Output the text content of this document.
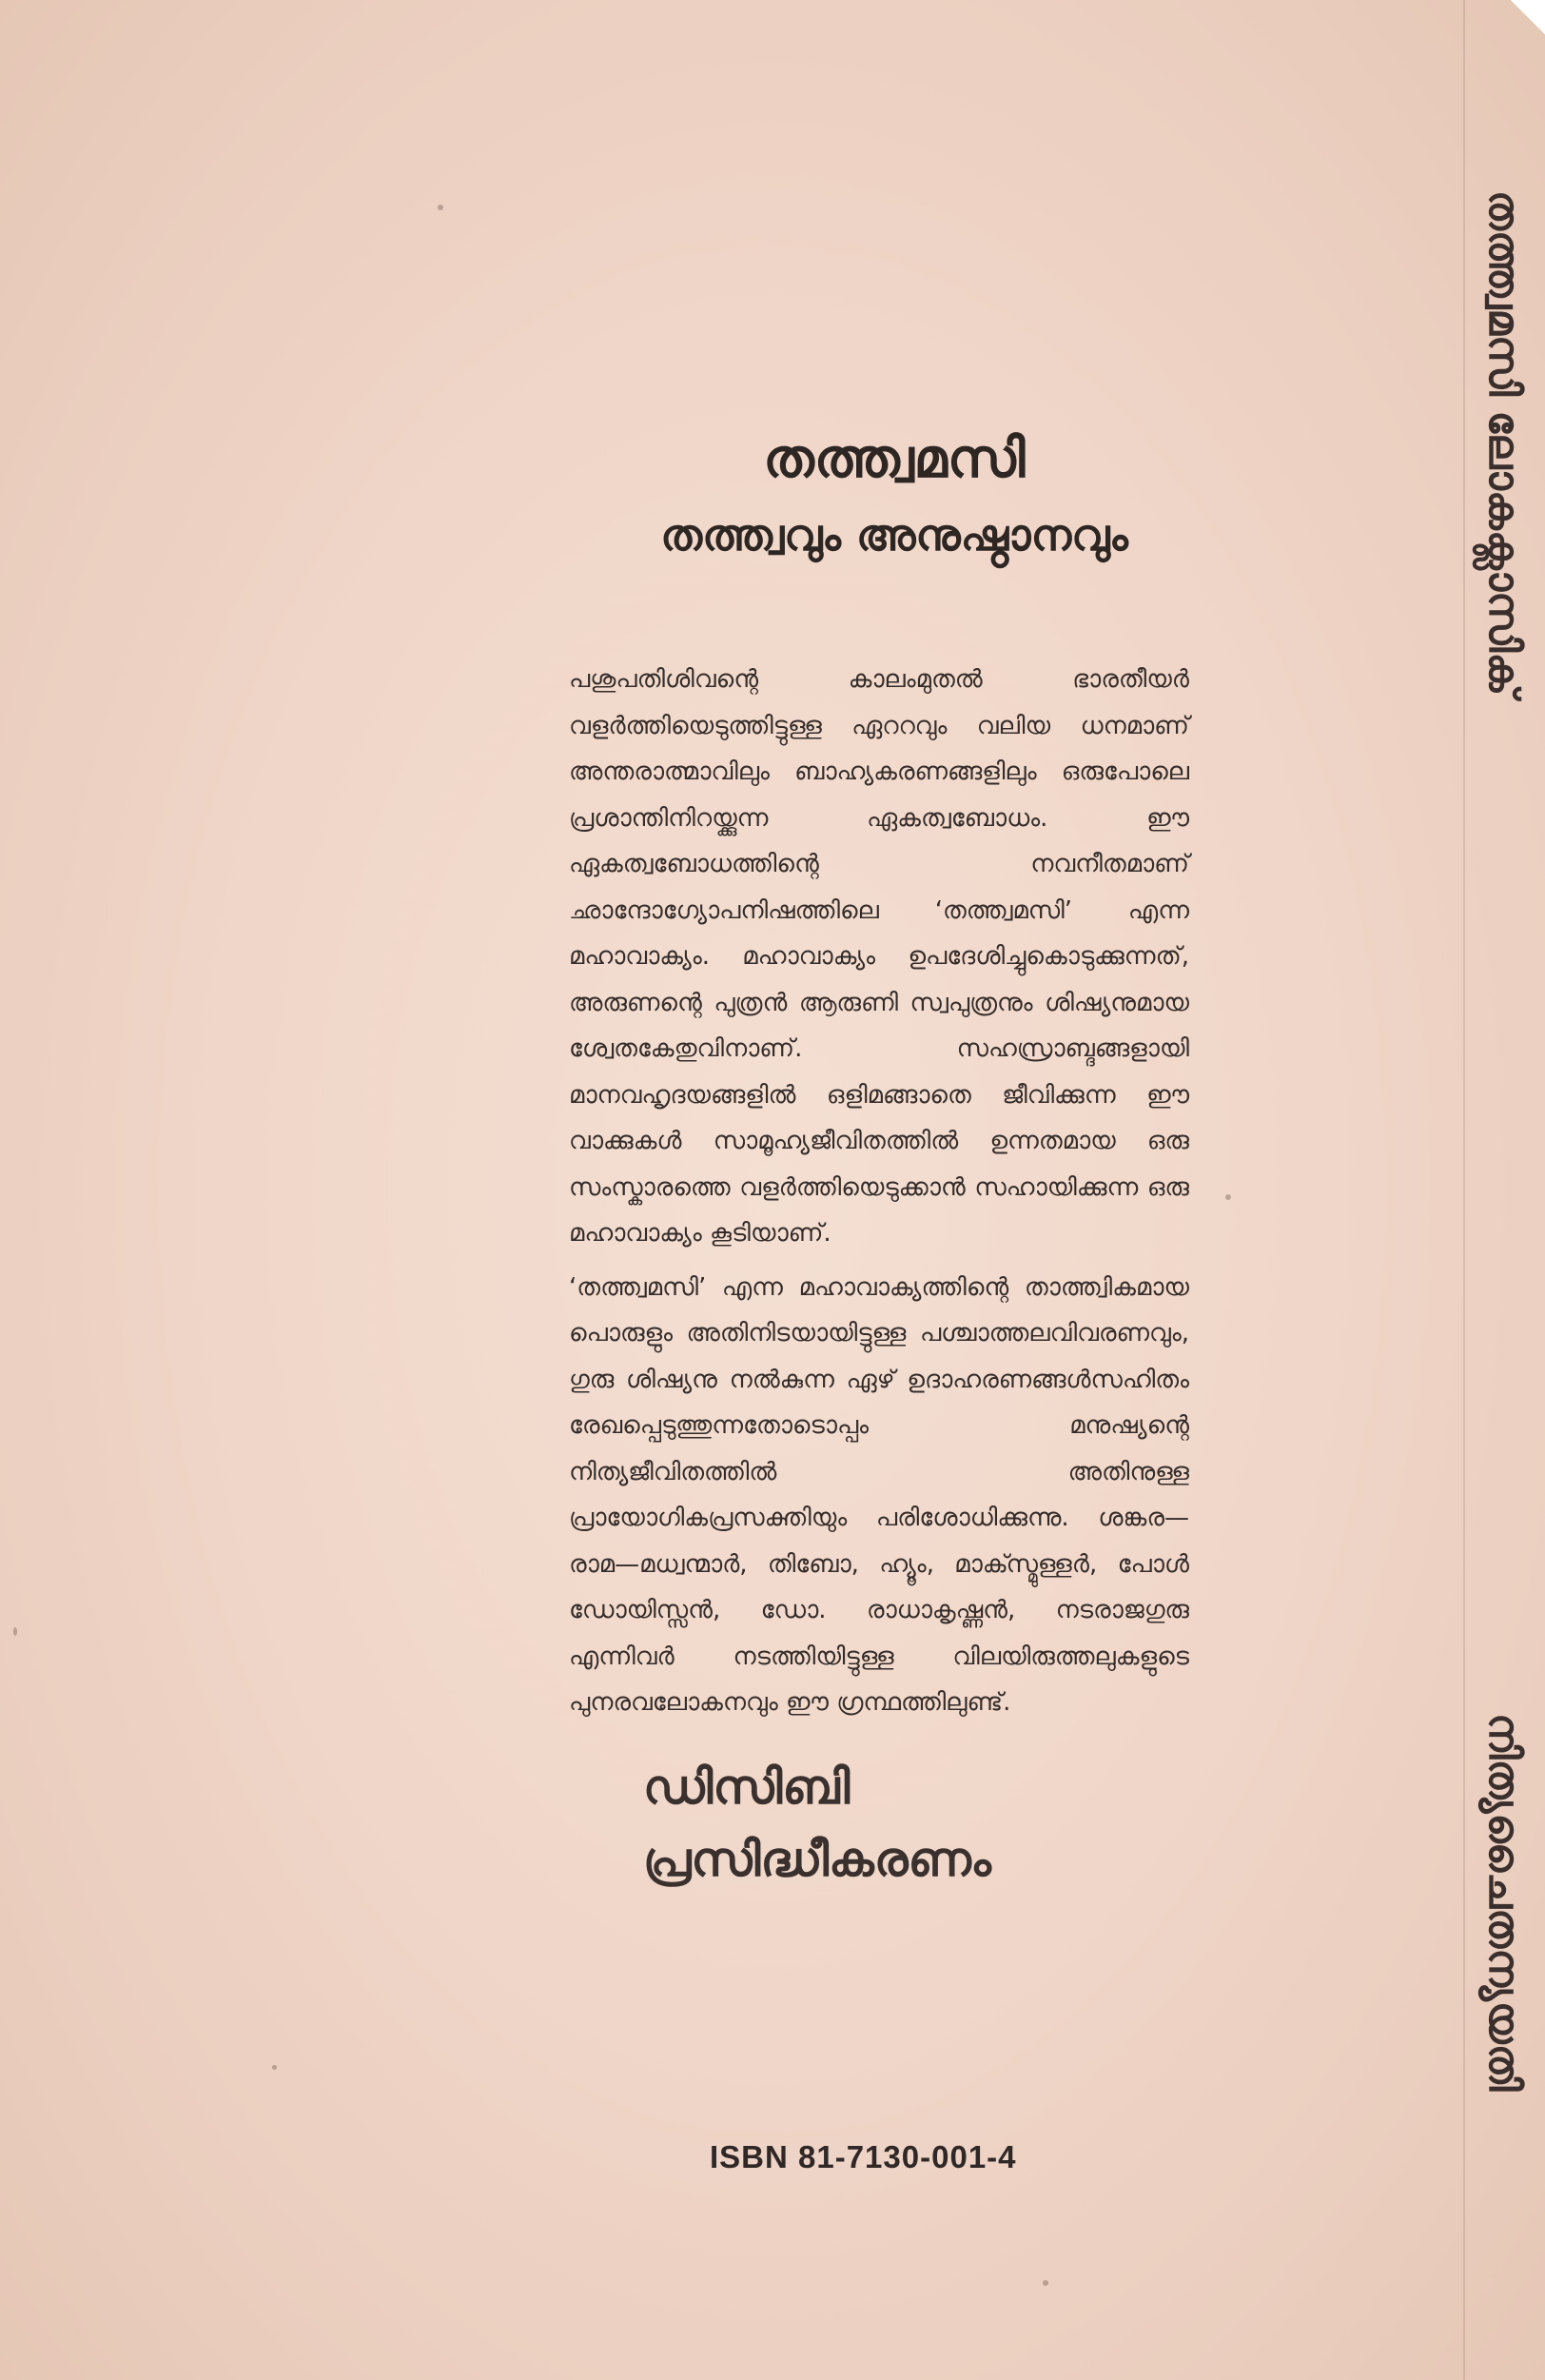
തത്ത്വമസി ലോകക്ലാസിക്

നിത്യചൈതന്യയതി

തത്ത്വമസി
തത്ത്വവും അനുഷ്ഠാനവും

പശുപതിശിവന്റെ കാലംമുതൽ ഭാരതീയർ വളർത്തിയെടുത്തിട്ടുള്ള ഏററവും വലിയ ധനമാണ് അന്തരാത്മാവിലും ബാഹ്യകരണങ്ങളിലും ഒരുപോലെ പ്രശാന്തിനിറയ്ക്കുന്ന ഏകത്വബോധം. ഈ ഏകത്വബോധത്തിന്റെ നവനീതമാണ് ഛാന്ദോഗ്യോപനിഷത്തിലെ ‘തത്ത്വമസി’ എന്ന മഹാവാക്യം. മഹാവാക്യം ഉപദേശിച്ചുകൊടുക്കുന്നത്, അരുണന്റെ പുത്രൻ ആരുണി സ്വപുത്രനും ശിഷ്യനുമായ ശ്വേതകേതുവിനാണ്. സഹസ്രാബ്ദങ്ങളായി മാനവഹൃദയങ്ങളിൽ ഒളിമങ്ങാതെ ജീവിക്കുന്ന ഈ വാക്കുകൾ സാമൂഹ്യജീവിതത്തിൽ ഉന്നതമായ ഒരു സംസ്കാരത്തെ വളർത്തിയെടുക്കാൻ സഹായിക്കുന്ന ഒരു മഹാവാക്യം കൂടിയാണ്.

‘തത്ത്വമസി’ എന്ന മഹാവാക്യത്തിന്റെ താത്ത്വികമായ പൊരുളും അതിനിടയായിട്ടുള്ള പശ്ചാത്തലവിവരണവും, ഗുരു ശിഷ്യനു നൽകുന്ന ഏഴ് ഉദാഹരണങ്ങൾസഹിതം രേഖപ്പെടുത്തുന്നതോടൊപ്പം മനുഷ്യന്റെ നിത്യജീവിതത്തിൽ അതിനുള്ള പ്രായോഗികപ്രസക്തിയും പരിശോധിക്കുന്നു. ശങ്കര—രാമ—മധ്വന്മാർ, തിബോ, ഹ്യൂം, മാക്സ്മുള്ളർ, പോൾ ഡോയിസ്സൻ, ഡോ. രാധാകൃഷ്ണൻ, നടരാജഗുരു എന്നിവർ നടത്തിയിട്ടുള്ള വിലയിരുത്തലുകളുടെ പുനരവലോകനവും ഈ ഗ്രന്ഥത്തിലുണ്ട്.

ഡിസിബി
പ്രസിദ്ധീകരണം

ISBN 81-7130-001-4
